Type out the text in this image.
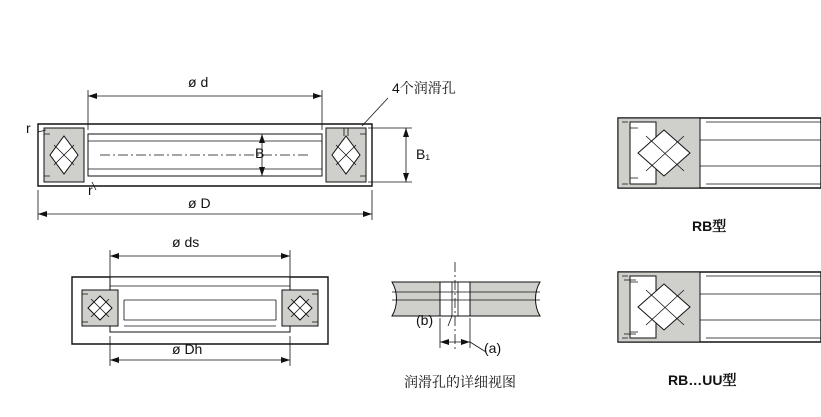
ø d
ø D
B	B₁
r
r
4个润滑孔
ø ds
ø Dh
(b)
(a)
润滑孔的详细视图
RB型
RB…UU型
